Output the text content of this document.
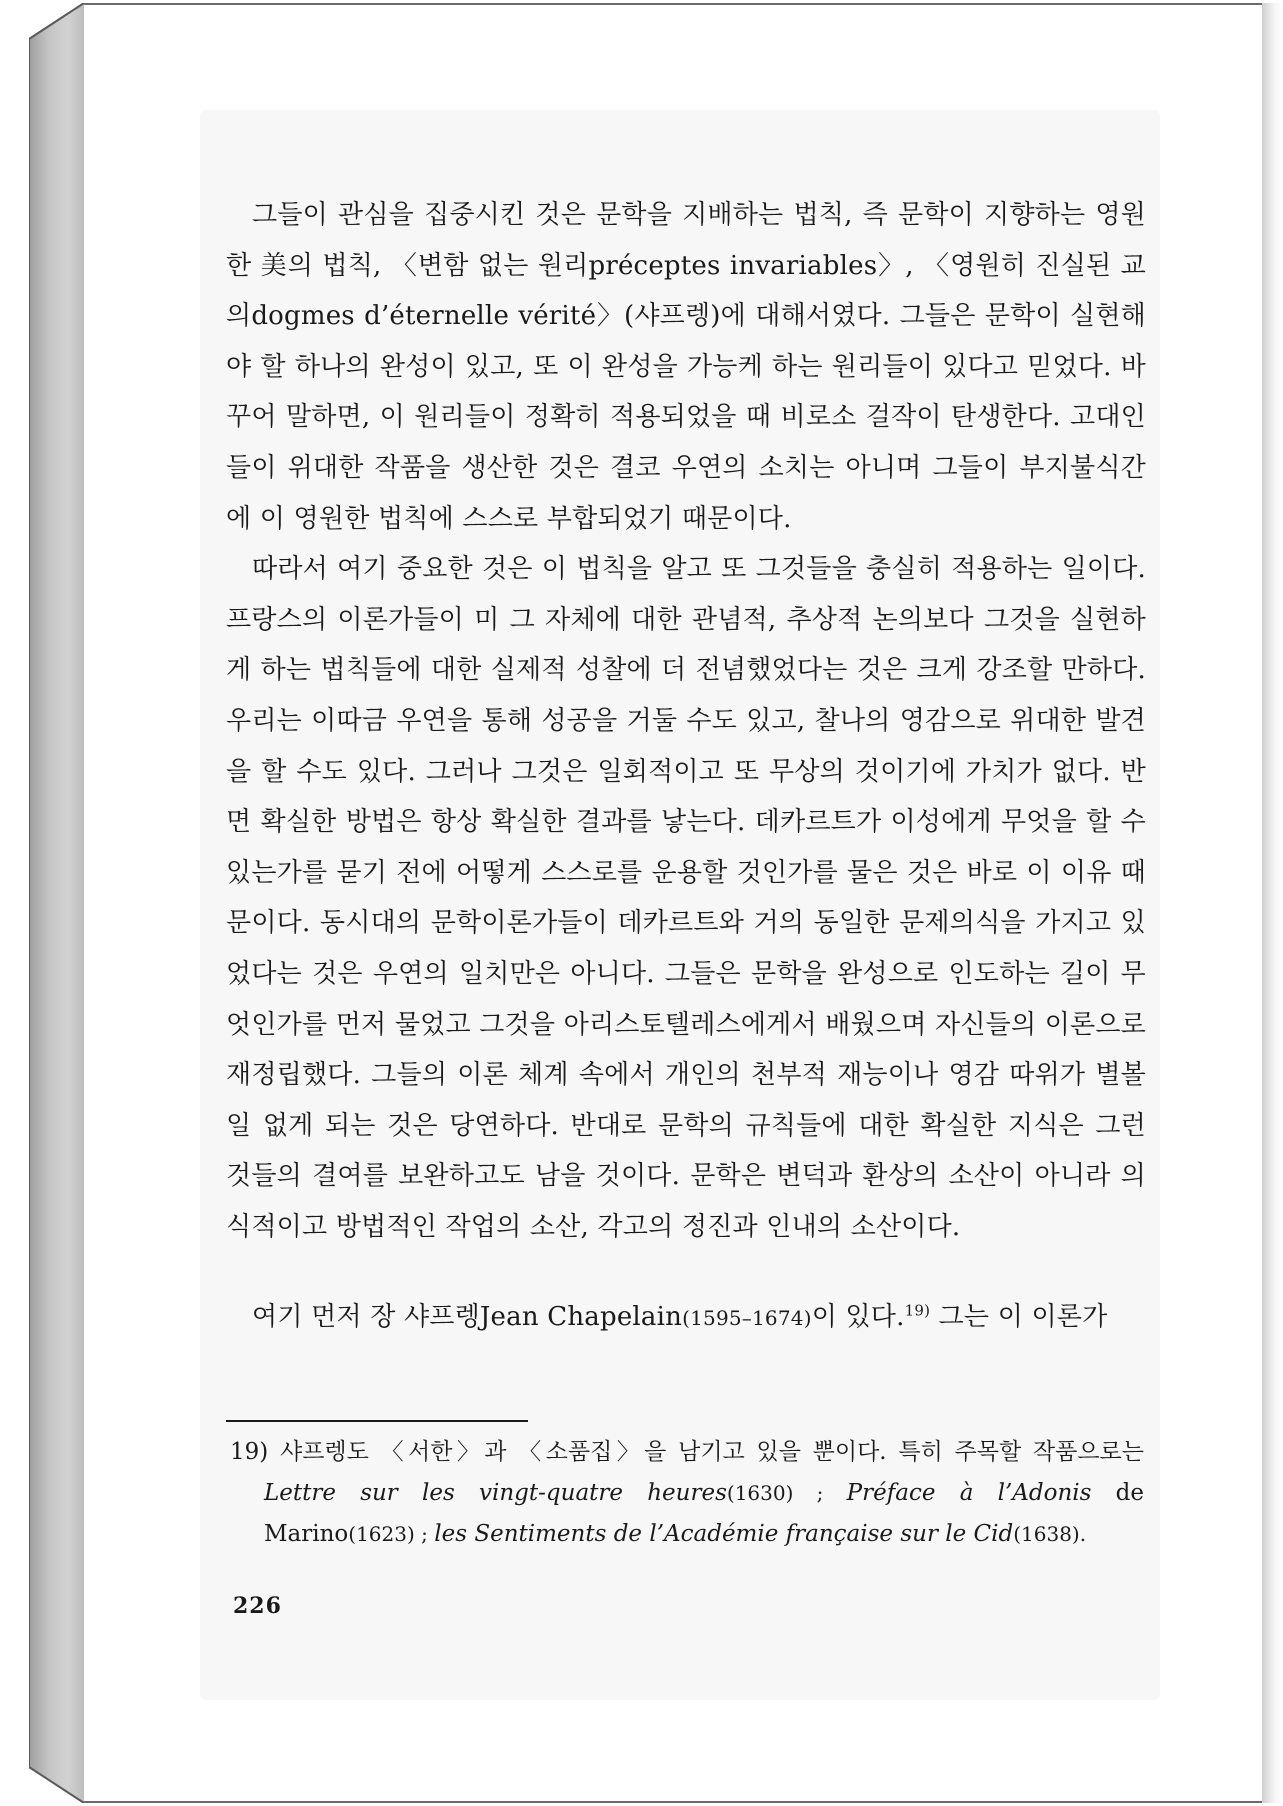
그들이 관심을 집중시킨 것은 문학을 지배하는 법칙, 즉 문학이 지향하는 영원한 美의 법칙, 〈변함 없는 원리préceptes invariables〉, 〈영원히 진실된 교의dogmes d’éternelle vérité〉(샤프렝)에 대해서였다. 그들은 문학이 실현해야 할 하나의 완성이 있고, 또 이 완성을 가능케 하는 원리들이 있다고 믿었다. 바꾸어 말하면, 이 원리들이 정확히 적용되었을 때 비로소 걸작이 탄생한다. 고대인들이 위대한 작품을 생산한 것은 결코 우연의 소치는 아니며 그들이 부지불식간에 이 영원한 법칙에 스스로 부합되었기 때문이다.

따라서 여기 중요한 것은 이 법칙을 알고 또 그것들을 충실히 적용하는 일이다. 프랑스의 이론가들이 미 그 자체에 대한 관념적, 추상적 논의보다 그것을 실현하게 하는 법칙들에 대한 실제적 성찰에 더 전념했었다는 것은 크게 강조할 만하다. 우리는 이따금 우연을 통해 성공을 거둘 수도 있고, 찰나의 영감으로 위대한 발견을 할 수도 있다. 그러나 그것은 일회적이고 또 무상의 것이기에 가치가 없다. 반면 확실한 방법은 항상 확실한 결과를 낳는다. 데카르트가 이성에게 무엇을 할 수 있는가를 묻기 전에 어떻게 스스로를 운용할 것인가를 물은 것은 바로 이 이유 때문이다. 동시대의 문학이론가들이 데카르트와 거의 동일한 문제의식을 가지고 있었다는 것은 우연의 일치만은 아니다. 그들은 문학을 완성으로 인도하는 길이 무엇인가를 먼저 물었고 그것을 아리스토텔레스에게서 배웠으며 자신들의 이론으로 재정립했다. 그들의 이론 체계 속에서 개인의 천부적 재능이나 영감 따위가 별볼일 없게 되는 것은 당연하다. 반대로 문학의 규칙들에 대한 확실한 지식은 그런 것들의 결여를 보완하고도 남을 것이다. 문학은 변덕과 환상의 소산이 아니라 의식적이고 방법적인 작업의 소산, 각고의 정진과 인내의 소산이다.

여기 먼저 장 샤프렝Jean Chapelain(1595–1674)이 있다.$^{19)}$ 그는 이 이론가

19) 샤프렝도 〈서한〉과 〈소품집〉을 남기고 있을 뿐이다. 특히 주목할 작품으로는 Lettre sur les vingt-quatre heures(1630) ; Préface à l’Adonis de Marino(1623) ; les Sentiments de l’Académie française sur le Cid(1638).
226
